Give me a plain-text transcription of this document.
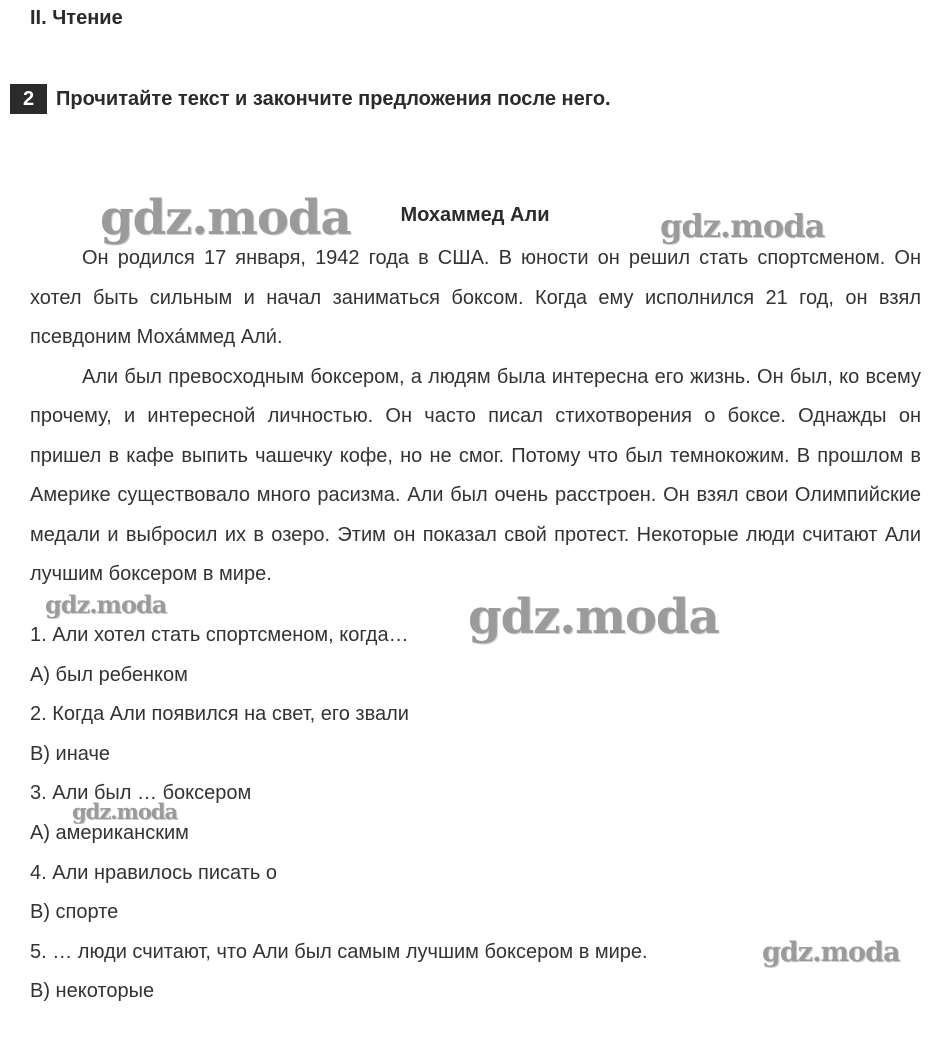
II. Чтение
2	Прочитайте текст и закончите предложения после него.
Мохаммед Али

Он родился 17 января, 1942 года в США. В юности он решил стать спортсменом. Он хотел быть сильным и начал заниматься боксом. Когда ему исполнился 21 год, он взял псевдоним Моха́ммед Али́.

Али был превосходным боксером, а людям была интересна его жизнь. Он был, ко всему прочему, и интересной личностью. Он часто писал стихотворения о боксе. Однажды он пришел в кафе выпить чашечку кофе, но не смог. Потому что был темнокожим. В прошлом в Америке существовало много расизма. Али был очень расстроен. Он взял свои Олимпийские медали и выбросил их в озеро. Этим он показал свой протест. Некоторые люди считают Али лучшим боксером в мире.

1. Али хотел стать спортсменом, когда…
А) был ребенком
2. Когда Али появился на свет, его звали
В) иначе
3. Али был … боксером
А) американским
4. Али нравилось писать о
В) спорте
5. … люди считают, что Али был самым лучшим боксером в мире.
В) некоторые
gdz.moda	gdz.moda
gdz.moda	gdz.moda
gdz.moda
gdz.moda
